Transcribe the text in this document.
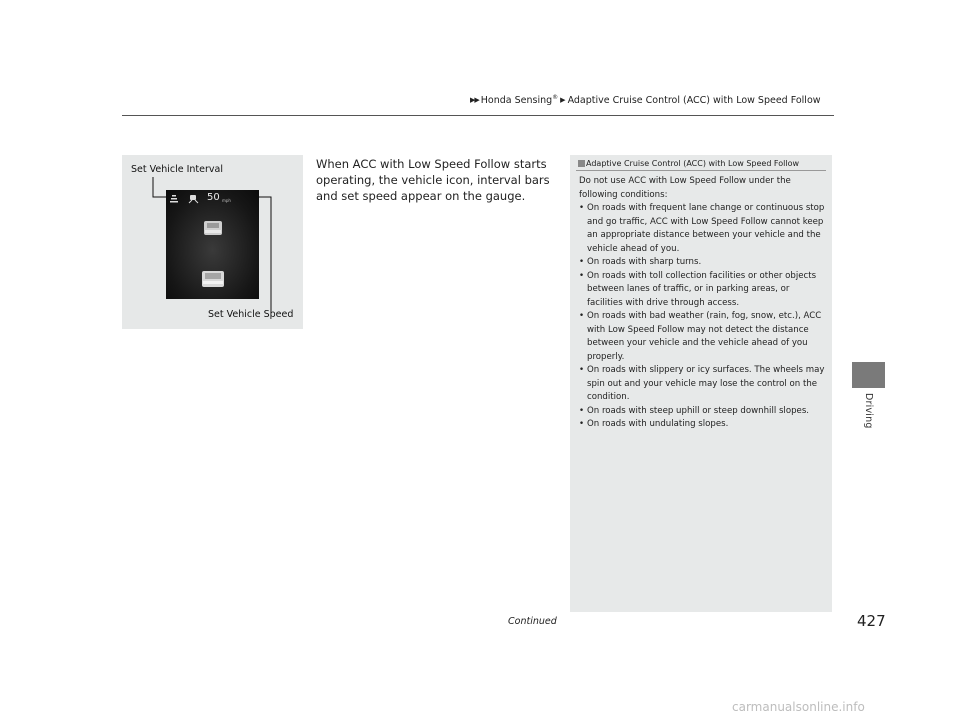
▶▶ Honda Sensing® ▶ Adaptive Cruise Control (ACC) with Low Speed Follow
Driving
Set Vehicle Interval
50 mph
Set Vehicle Speed
When ACC with Low Speed Follow starts operating, the vehicle icon, interval bars and set speed appear on the gauge.
Adaptive Cruise Control (ACC) with Low Speed Follow

Do not use ACC with Low Speed Follow under the following conditions:

• On roads with frequent lane change or continuous stop and go traffic, ACC with Low Speed Follow cannot keep an appropriate distance between your vehicle and the vehicle ahead of you.
• On roads with sharp turns.
• On roads with toll collection facilities or other objects between lanes of traffic, or in parking areas, or facilities with drive through access.
• On roads with bad weather (rain, fog, snow, etc.), ACC with Low Speed Follow may not detect the distance between your vehicle and the vehicle ahead of you properly.
• On roads with slippery or icy surfaces. The wheels may spin out and your vehicle may lose the control on the condition.
• On roads with steep uphill or steep downhill slopes.
• On roads with undulating slopes.
Continued	427
carmanualsonline.info
